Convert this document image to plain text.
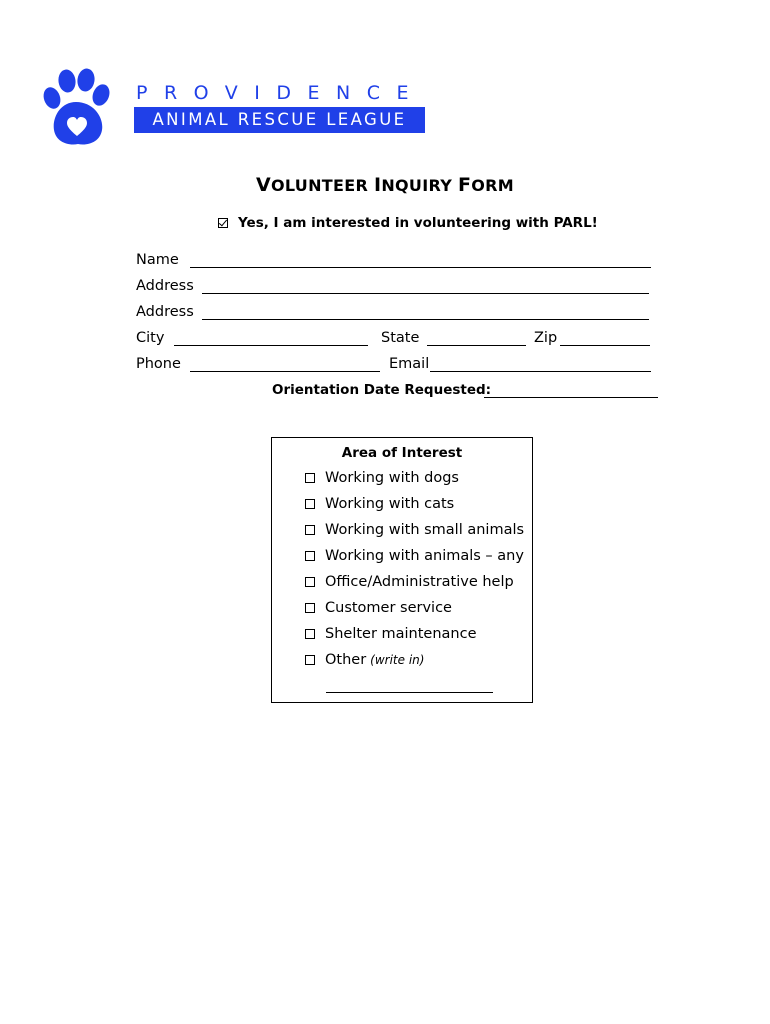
PROVIDENCE
ANIMAL RESCUE LEAGUE
VOLUNTEER INQUIRY FORM
Yes, I am interested in volunteering with PARL!
Name
Address
Address
City	State	Zip
Phone	Email
Orientation Date Requested:
Area of Interest
Working with dogs
Working with cats
Working with small animals
Working with animals – any
Office/Administrative help
Customer service
Shelter maintenance
Other (write in)
